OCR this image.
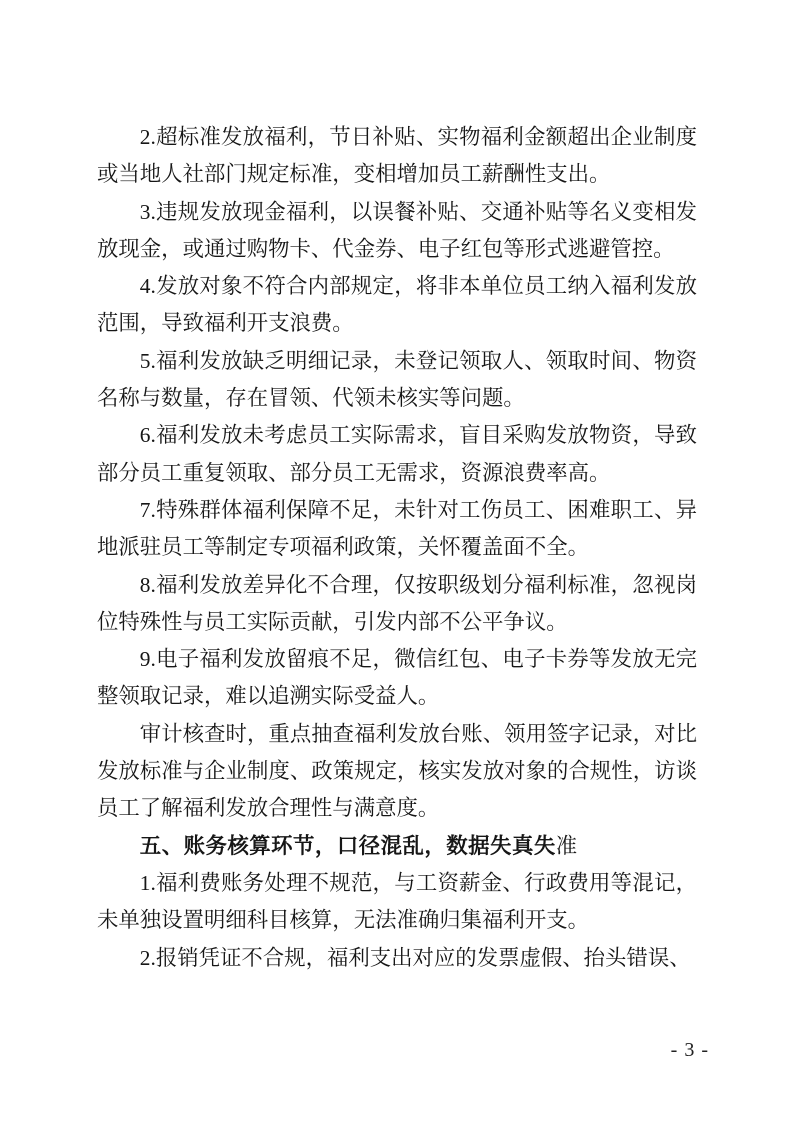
2.超标准发放福利，节日补贴、实物福利金额超出企业制度或当地人社部门规定标准，变相增加员工薪酬性支出。

3.违规发放现金福利，以误餐补贴、交通补贴等名义变相发放现金，或通过购物卡、代金券、电子红包等形式逃避管控。

4.发放对象不符合内部规定，将非本单位员工纳入福利发放范围，导致福利开支浪费。

5.福利发放缺乏明细记录，未登记领取人、领取时间、物资名称与数量，存在冒领、代领未核实等问题。

6.福利发放未考虑员工实际需求，盲目采购发放物资，导致部分员工重复领取、部分员工无需求，资源浪费率高。

7.特殊群体福利保障不足，未针对工伤员工、困难职工、异地派驻员工等制定专项福利政策，关怀覆盖面不全。

8.福利发放差异化不合理，仅按职级划分福利标准，忽视岗位特殊性与员工实际贡献，引发内部不公平争议。

9.电子福利发放留痕不足，微信红包、电子卡券等发放无完整领取记录，难以追溯实际受益人。

审计核查时，重点抽查福利发放台账、领用签字记录，对比发放标准与企业制度、政策规定，核实发放对象的合规性，访谈员工了解福利发放合理性与满意度。

五、账务核算环节，口径混乱，数据失真失准

1.福利费账务处理不规范，与工资薪金、行政费用等混记，未单独设置明细科目核算，无法准确归集福利开支。

2.报销凭证不合规，福利支出对应的发票虚假、抬头错误、

- 3 -
